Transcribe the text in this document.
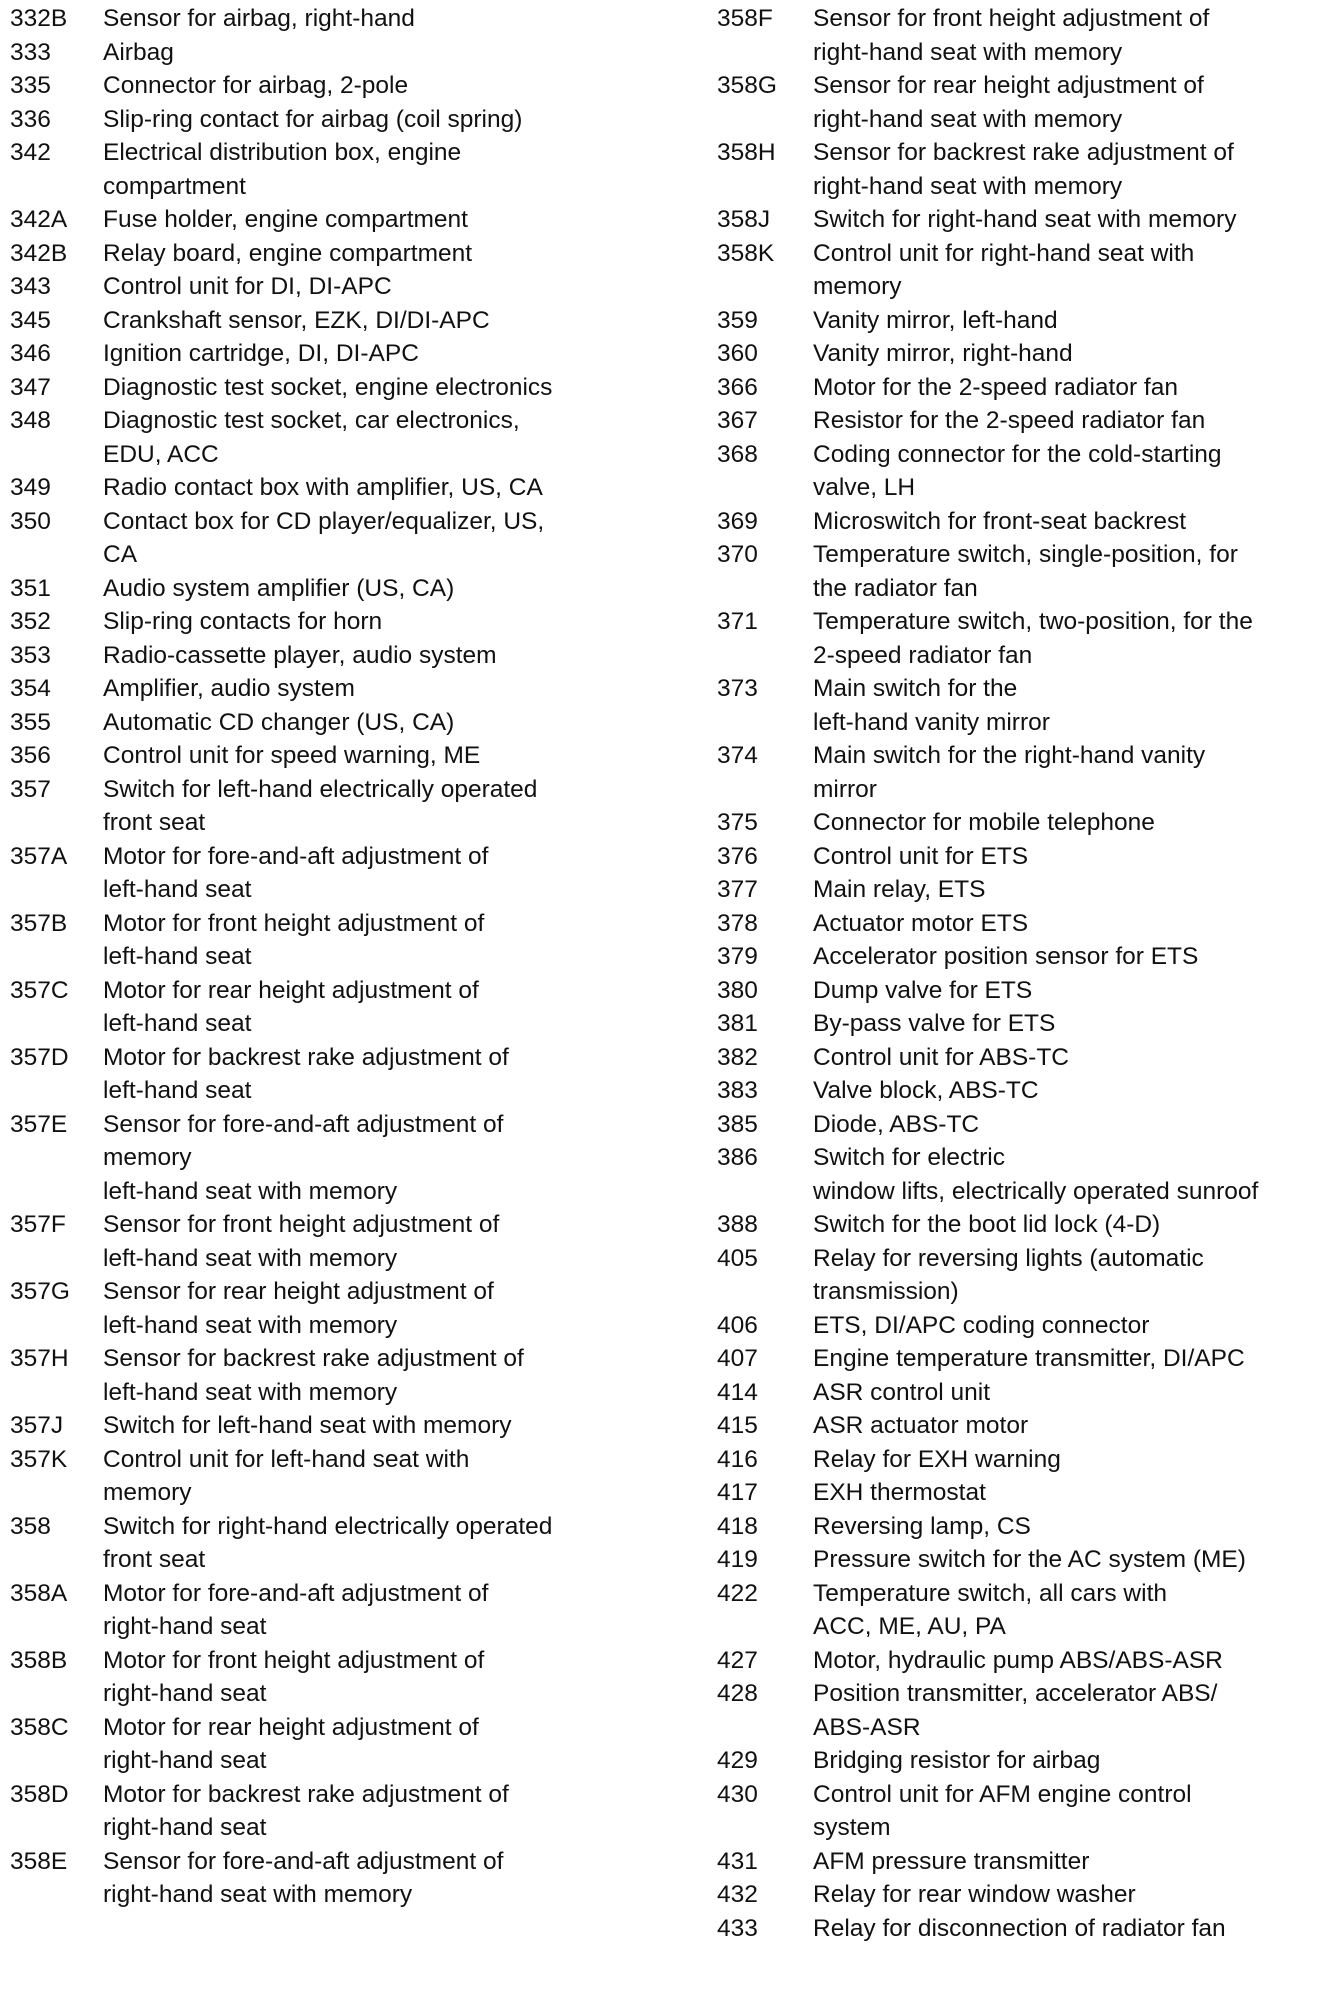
332B	Sensor for airbag, right-hand
333	Airbag
335	Connector for airbag, 2-pole
336	Slip-ring contact for airbag (coil spring)
342	Electrical distribution box, engine
compartment
342A	Fuse holder, engine compartment
342B	Relay board, engine compartment
343	Control unit for DI, DI-APC
345	Crankshaft sensor, EZK, DI/DI-APC
346	Ignition cartridge, DI, DI-APC
347	Diagnostic test socket, engine electronics
348	Diagnostic test socket, car electronics,
EDU, ACC
349	Radio contact box with amplifier, US, CA
350	Contact box for CD player/equalizer, US,
CA
351	Audio system amplifier (US, CA)
352	Slip-ring contacts for horn
353	Radio-cassette player, audio system
354	Amplifier, audio system
355	Automatic CD changer (US, CA)
356	Control unit for speed warning, ME
357	Switch for left-hand electrically operated
front seat
357A	Motor for fore-and-aft adjustment of
left-hand seat
357B	Motor for front height adjustment of
left-hand seat
357C	Motor for rear height adjustment of
left-hand seat
357D	Motor for backrest rake adjustment of
left-hand seat
357E	Sensor for fore-and-aft adjustment of
memory
left-hand seat with memory
357F	Sensor for front height adjustment of
left-hand seat with memory
357G	Sensor for rear height adjustment of
left-hand seat with memory
357H	Sensor for backrest rake adjustment of
left-hand seat with memory
357J	Switch for left-hand seat with memory
357K	Control unit for left-hand seat with
memory
358	Switch for right-hand electrically operated
front seat
358A	Motor for fore-and-aft adjustment of
right-hand seat
358B	Motor for front height adjustment of
right-hand seat
358C	Motor for rear height adjustment of
right-hand seat
358D	Motor for backrest rake adjustment of
right-hand seat
358E	Sensor for fore-and-aft adjustment of
right-hand seat with memory
358F	Sensor for front height adjustment of
right-hand seat with memory
358G	Sensor for rear height adjustment of
right-hand seat with memory
358H	Sensor for backrest rake adjustment of
right-hand seat with memory
358J	Switch for right-hand seat with memory
358K	Control unit for right-hand seat with
memory
359	Vanity mirror, left-hand
360	Vanity mirror, right-hand
366	Motor for the 2-speed radiator fan
367	Resistor for the 2-speed radiator fan
368	Coding connector for the cold-starting
valve, LH
369	Microswitch for front-seat backrest
370	Temperature switch, single-position, for
the radiator fan
371	Temperature switch, two-position, for the
2-speed radiator fan
373	Main switch for the
left-hand vanity mirror
374	Main switch for the right-hand vanity
mirror
375	Connector for mobile telephone
376	Control unit for ETS
377	Main relay, ETS
378	Actuator motor ETS
379	Accelerator position sensor for ETS
380	Dump valve for ETS
381	By-pass valve for ETS
382	Control unit for ABS-TC
383	Valve block, ABS-TC
385	Diode, ABS-TC
386	Switch for electric
window lifts, electrically operated sunroof
388	Switch for the boot lid lock (4-D)
405	Relay for reversing lights (automatic
transmission)
406	ETS, DI/APC coding connector
407	Engine temperature transmitter, DI/APC
414	ASR control unit
415	ASR actuator motor
416	Relay for EXH warning
417	EXH thermostat
418	Reversing lamp, CS
419	Pressure switch for the AC system (ME)
422	Temperature switch, all cars with
ACC, ME, AU, PA
427	Motor, hydraulic pump ABS/ABS-ASR
428	Position transmitter, accelerator ABS/
ABS-ASR
429	Bridging resistor for airbag
430	Control unit for AFM engine control
system
431	AFM pressure transmitter
432	Relay for rear window washer
433	Relay for disconnection of radiator fan
